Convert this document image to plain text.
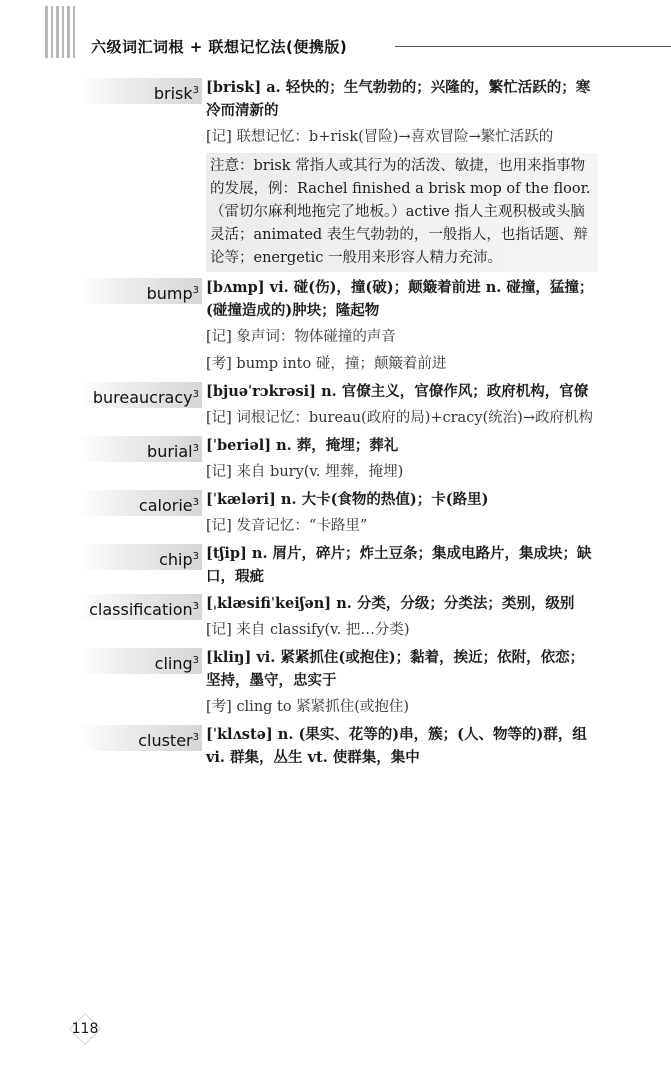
六级词汇词根 + 联想记忆法(便携版)
brisk$^3$ [brisk] a. 轻快的；生气勃勃的；兴隆的，繁忙活跃的；寒冷而清新的

[记] 联想记忆：b+risk(冒险)→喜欢冒险→繁忙活跃的

注意：brisk 常指人或其行为的活泼、敏捷，也用来指事物的发展，例：Rachel finished a brisk mop of the floor.（雷切尔麻利地拖完了地板。）active 指人主观积极或头脑灵活；animated 表生气勃勃的，一般指人，也指话题、辩论等；energetic 一般用来形容人精力充沛。

bump$^3$ [bʌmp] vi. 碰(伤)，撞(破)；颠簸着前进 n. 碰撞，猛撞；(碰撞造成的)肿块；隆起物

[记] 象声词：物体碰撞的声音

[考] bump into 碰，撞；颠簸着前进

bureaucracy$^3$ [bjuəˈrɔkrəsi] n. 官僚主义，官僚作风；政府机构，官僚

[记] 词根记忆：bureau(政府的局)+cracy(统治)→政府机构

burial$^3$ [ˈberiəl] n. 葬，掩埋；葬礼

[记] 来自 bury(v. 埋葬，掩埋)

calorie$^3$ [ˈkæləri] n. 大卡(食物的热值)；卡(路里)

[记] 发音记忆：“卡路里”

chip$^3$ [tʃip] n. 屑片，碎片；炸土豆条；集成电路片，集成块；缺口，瑕疵

classification$^3$ [ˌklæsifiˈkeiʃən] n. 分类，分级；分类法；类别，级别

[记] 来自 classify(v. 把…分类)

cling$^3$ [kliŋ] vi. 紧紧抓住(或抱住)；黏着，挨近；依附，依恋；坚持，墨守，忠实于

[考] cling to 紧紧抓住(或抱住)

cluster$^3$ [ˈklʌstə] n. (果实、花等的)串，簇；(人、物等的)群，组 vi. 群集，丛生 vt. 使群集，集中

118
